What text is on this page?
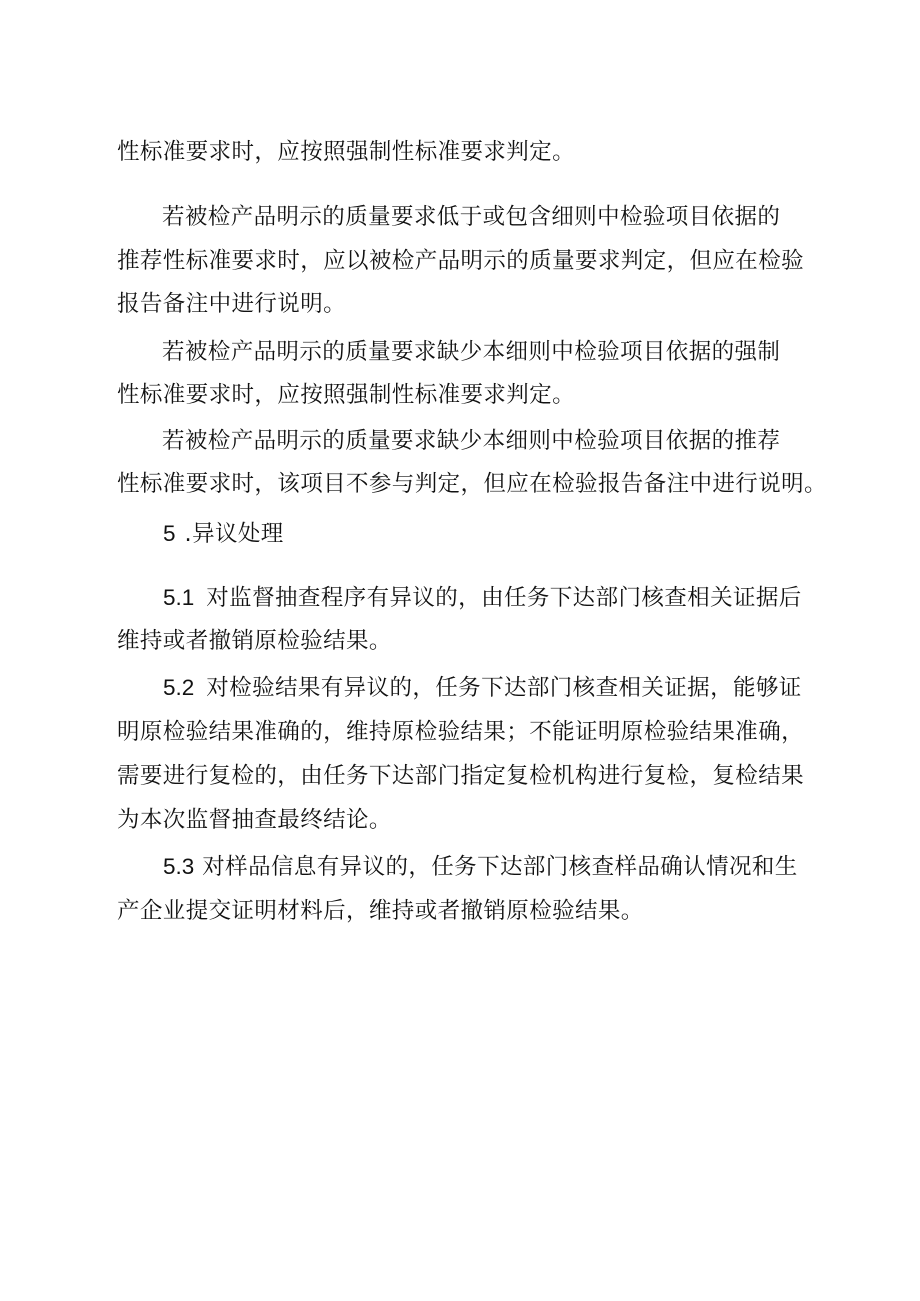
性标准要求时，应按照强制性标准要求判定。
若被检产品明示的质量要求低于或包含细则中检验项目依据的
推荐性标准要求时，应以被检产品明示的质量要求判定，但应在检验
报告备注中进行说明。
若被检产品明示的质量要求缺少本细则中检验项目依据的强制
性标准要求时，应按照强制性标准要求判定。
若被检产品明示的质量要求缺少本细则中检验项目依据的推荐
性标准要求时，该项目不参与判定，但应在检验报告备注中进行说明。
5 .异议处理
5.1 对监督抽查程序有异议的，由任务下达部门核查相关证据后
维持或者撤销原检验结果。
5.2 对检验结果有异议的，任务下达部门核查相关证据，能够证
明原检验结果准确的，维持原检验结果；不能证明原检验结果准确，
需要进行复检的，由任务下达部门指定复检机构进行复检，复检结果
为本次监督抽查最终结论。
5.3 对样品信息有异议的，任务下达部门核查样品确认情况和生
产企业提交证明材料后，维持或者撤销原检验结果。
